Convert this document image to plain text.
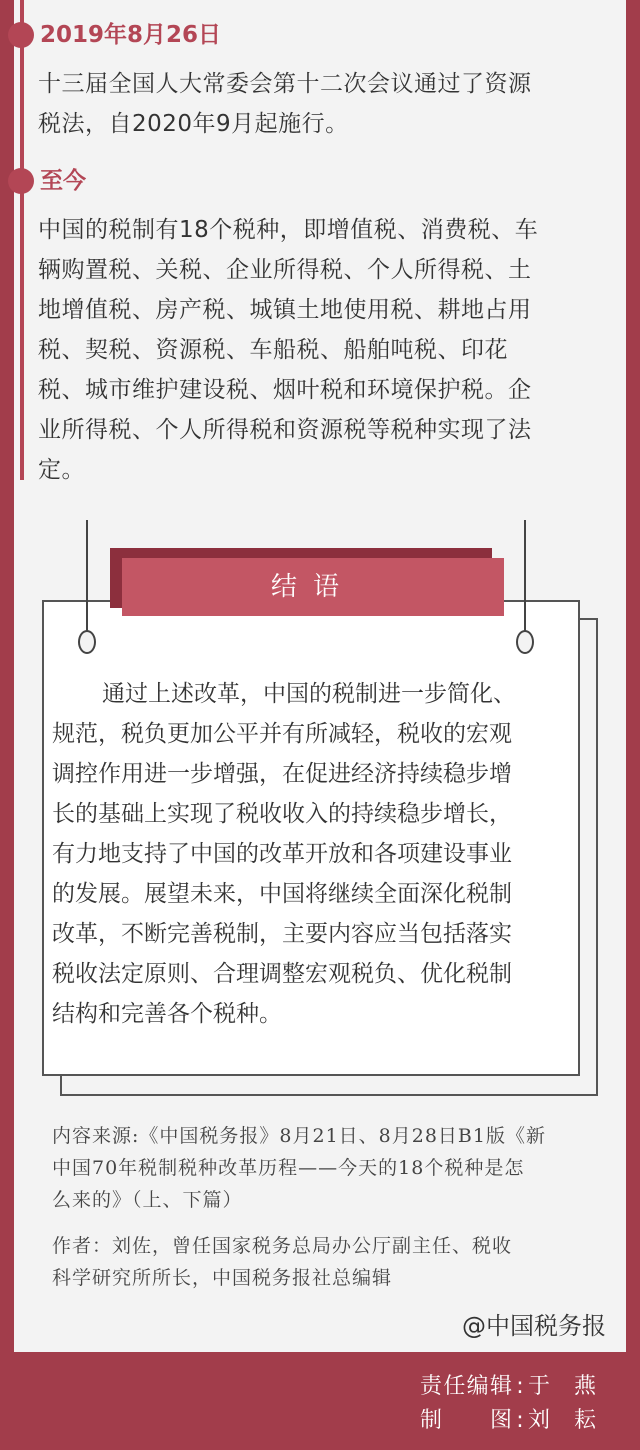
2019年8月26日
十三届全国人大常委会第十二次会议通过了资源
税法，自2020年9月起施行。
至今
中国的税制有18个税种，即增值税、消费税、车
辆购置税、关税、企业所得税、个人所得税、土
地增值税、房产税、城镇土地使用税、耕地占用
税、契税、资源税、车船税、船舶吨税、印花
税、城市维护建设税、烟叶税和环境保护税。企
业所得税、个人所得税和资源税等税种实现了法
定。
结语
通过上述改革，中国的税制进一步简化、
规范，税负更加公平并有所减轻，税收的宏观
调控作用进一步增强，在促进经济持续稳步增
长的基础上实现了税收收入的持续稳步增长，
有力地支持了中国的改革开放和各项建设事业
的发展。展望未来，中国将继续全面深化税制
改革，不断完善税制，主要内容应当包括落实
税收法定原则、合理调整宏观税负、优化税制
结构和完善各个税种。
内容来源:《中国税务报》8月21日、8月28日B1版《新
中国70年税制税种改革历程——今天的18个税种是怎
么来的》（上、下篇）
作者：刘佐，曾任国家税务总局办公厅副主任、税收
科学研究所所长，中国税务报社总编辑
@中国税务报
责 任 编 辑 : 于 燕
制 图 : 刘 耘
